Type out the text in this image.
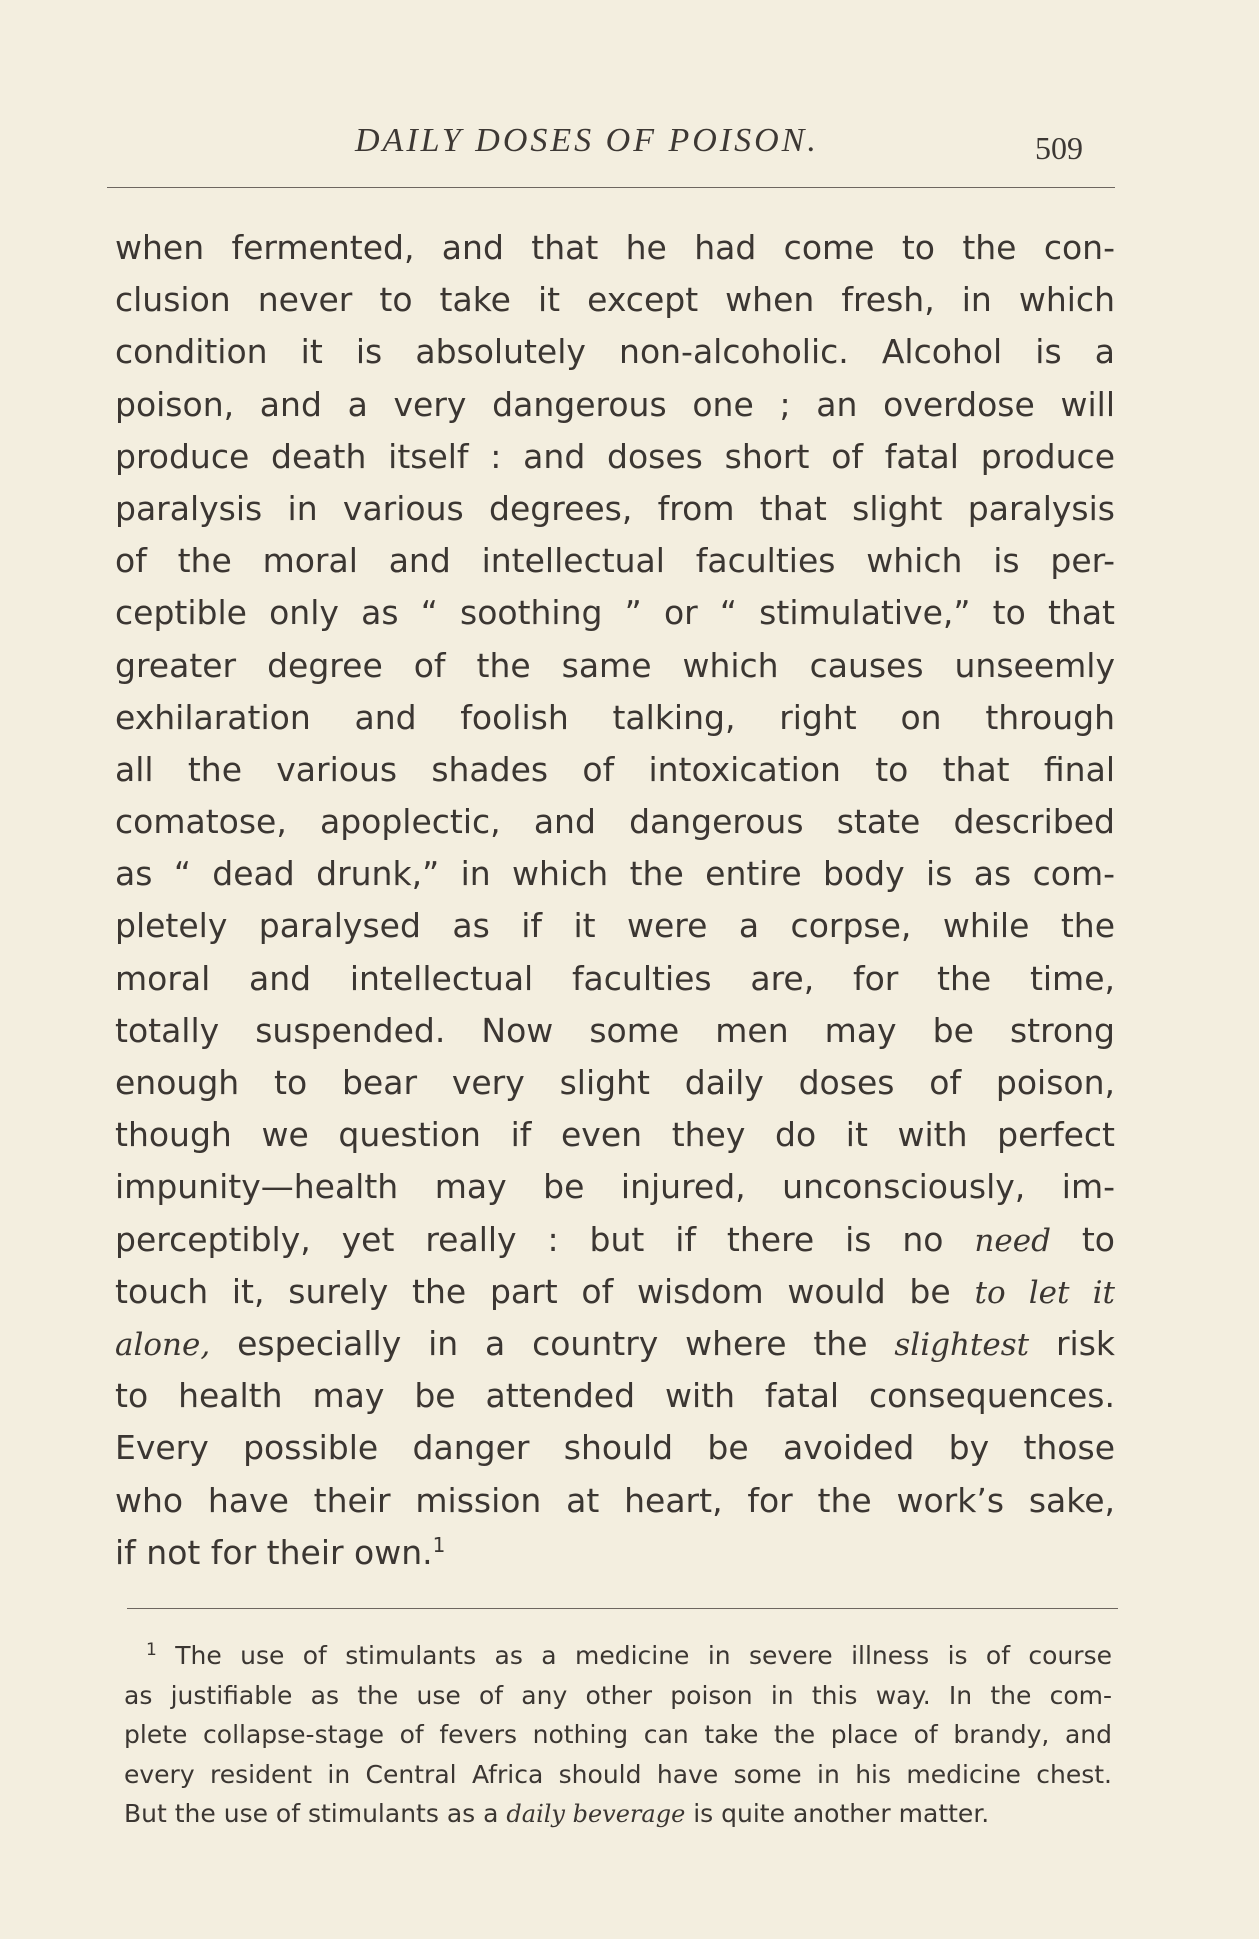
DAILY DOSES OF POISON.	509
when fermented, and that he had come to the con-
clusion never to take it except when fresh, in which
condition it is absolutely non-alcoholic. Alcohol is a
poison, and a very dangerous one ; an overdose will
produce death itself : and doses short of fatal produce
paralysis in various degrees, from that slight paralysis
of the moral and intellectual faculties which is per-
ceptible only as “ soothing ” or “ stimulative,” to that
greater degree of the same which causes unseemly
exhilaration and foolish talking, right on through
all the various shades of intoxication to that final
comatose, apoplectic, and dangerous state described
as “ dead drunk,” in which the entire body is as com-
pletely paralysed as if it were a corpse, while the
moral and intellectual faculties are, for the time,
totally suspended. Now some men may be strong
enough to bear very slight daily doses of poison,
though we question if even they do it with perfect
impunity—health may be injured, unconsciously, im-
perceptibly, yet really : but if there is no need to
touch it, surely the part of wisdom would be to let it
alone, especially in a country where the slightest risk
to health may be attended with fatal consequences.
Every possible danger should be avoided by those
who have their mission at heart, for the work’s sake,
if not for their own.$^1$
$^1$ The use of stimulants as a medicine in severe illness is of course
as justifiable as the use of any other poison in this way. In the com-
plete collapse-stage of fevers nothing can take the place of brandy, and
every resident in Central Africa should have some in his medicine chest.
But the use of stimulants as a daily beverage is quite another matter.
